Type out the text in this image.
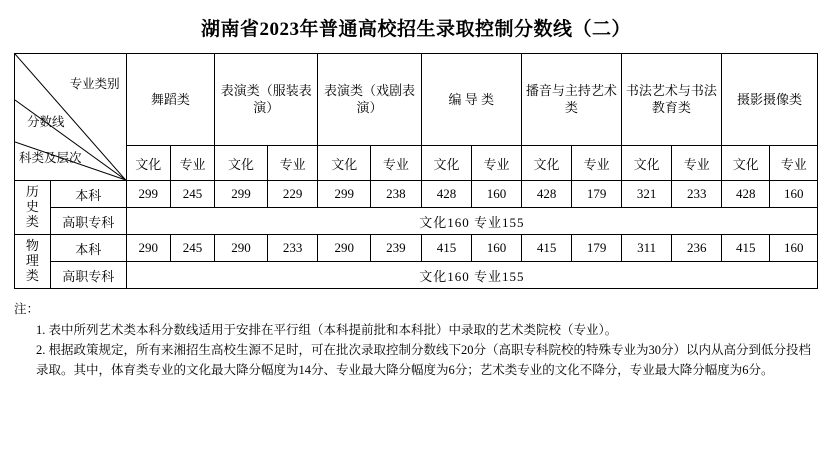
湖南省2023年普通高校招生录取控制分数线（二）
专业类别
分数线
科类及层次		舞蹈类		表演类（服装表演）		表演类（戏剧表演）		编 导 类		播音与主持艺术类		书法艺术与书法教育类		摄影摄像类	
		文化	专业	文化	专业	文化	专业	文化	专业	文化	专业	文化	专业	文化	专业

历
史
类	本科	299	245	299	229	299	238	428	160	428	179	321	233	428	160
	高职专科	文化160 专业155													

物
理
类	本科	290	245	290	233	290	239	415	160	415	179	311	236	415	160
	高职专科	文化160 专业155													

注：

1. 表中所列艺术类本科分数线适用于安排在平行组（本科提前批和本科批）中录取的艺术类院校（专业）。

2. 根据政策规定，所有来湘招生高校生源不足时，可在批次录取控制分数线下20分（高职专科院校的特殊专业为30分）以内从高分到低分投档录取。其中，体育类专业的文化最大降分幅度为14分、专业最大降分幅度为6分；艺术类专业的文化不降分，专业最大降分幅度为6分。
